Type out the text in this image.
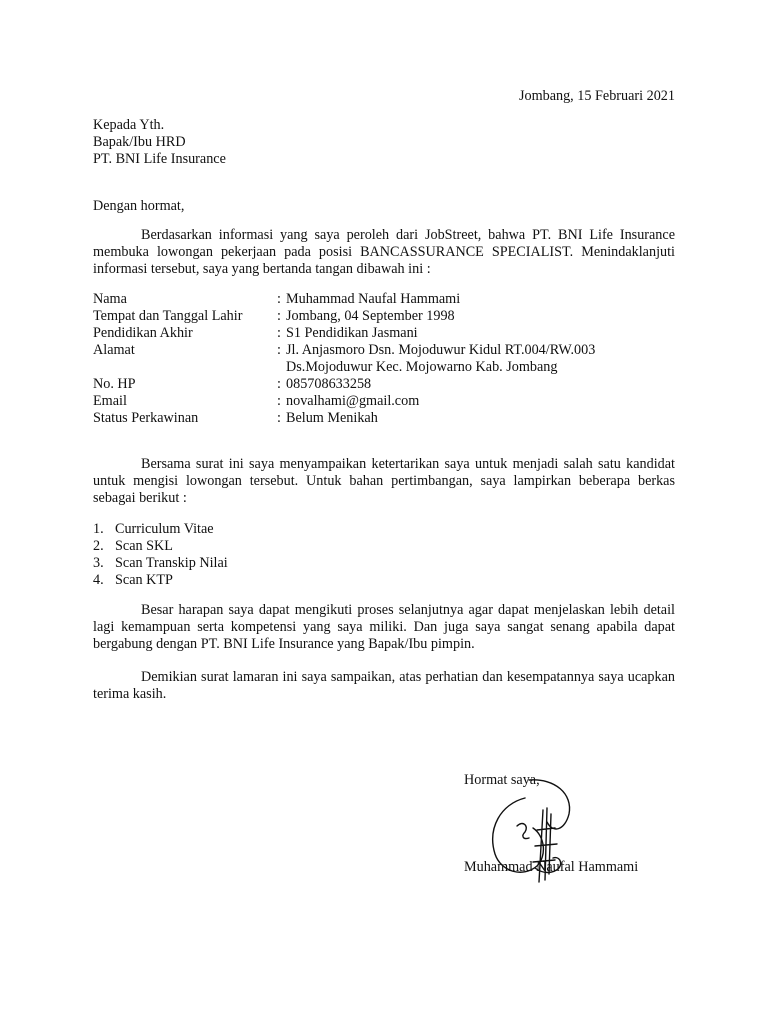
Jombang, 15 Februari 2021
Kepada Yth.
Bapak/Ibu HRD
PT. BNI Life Insurance
Dengan hormat,

Berdasarkan informasi yang saya peroleh dari JobStreet, bahwa PT. BNI Life Insurance membuka lowongan pekerjaan pada posisi BANCASSURANCE SPECIALIST. Menindaklanjuti informasi tersebut, saya yang bertanda tangan dibawah ini :

Nama	: Muhammad Naufal Hammami
Tempat dan Tanggal Lahir	: Jombang, 04 September 1998
Pendidikan Akhir	: S1 Pendidikan Jasmani
Alamat	: Jl. Anjasmoro Dsn. Mojoduwur Kidul RT.004/RW.003
Ds.Mojoduwur Kec. Mojowarno Kab. Jombang
No. HP	: 085708633258
Email	: novalhami@gmail.com
Status Perkawinan	: Belum Menikah

Bersama surat ini saya menyampaikan ketertarikan saya untuk menjadi salah satu kandidat untuk mengisi lowongan tersebut. Untuk bahan pertimbangan, saya lampirkan beberapa berkas sebagai berikut :

1. Curriculum Vitae
2. Scan SKL
3. Scan Transkip Nilai
4. Scan KTP

Besar harapan saya dapat mengikuti proses selanjutnya agar dapat menjelaskan lebih detail lagi kemampuan serta kompetensi yang saya miliki. Dan juga saya sangat senang apabila dapat bergabung dengan PT. BNI Life Insurance yang Bapak/Ibu pimpin.

Demikian surat lamaran ini saya sampaikan, atas perhatian dan kesempatannya saya ucapkan terima kasih.

Hormat saya,
Muhammad Naufal Hammami
